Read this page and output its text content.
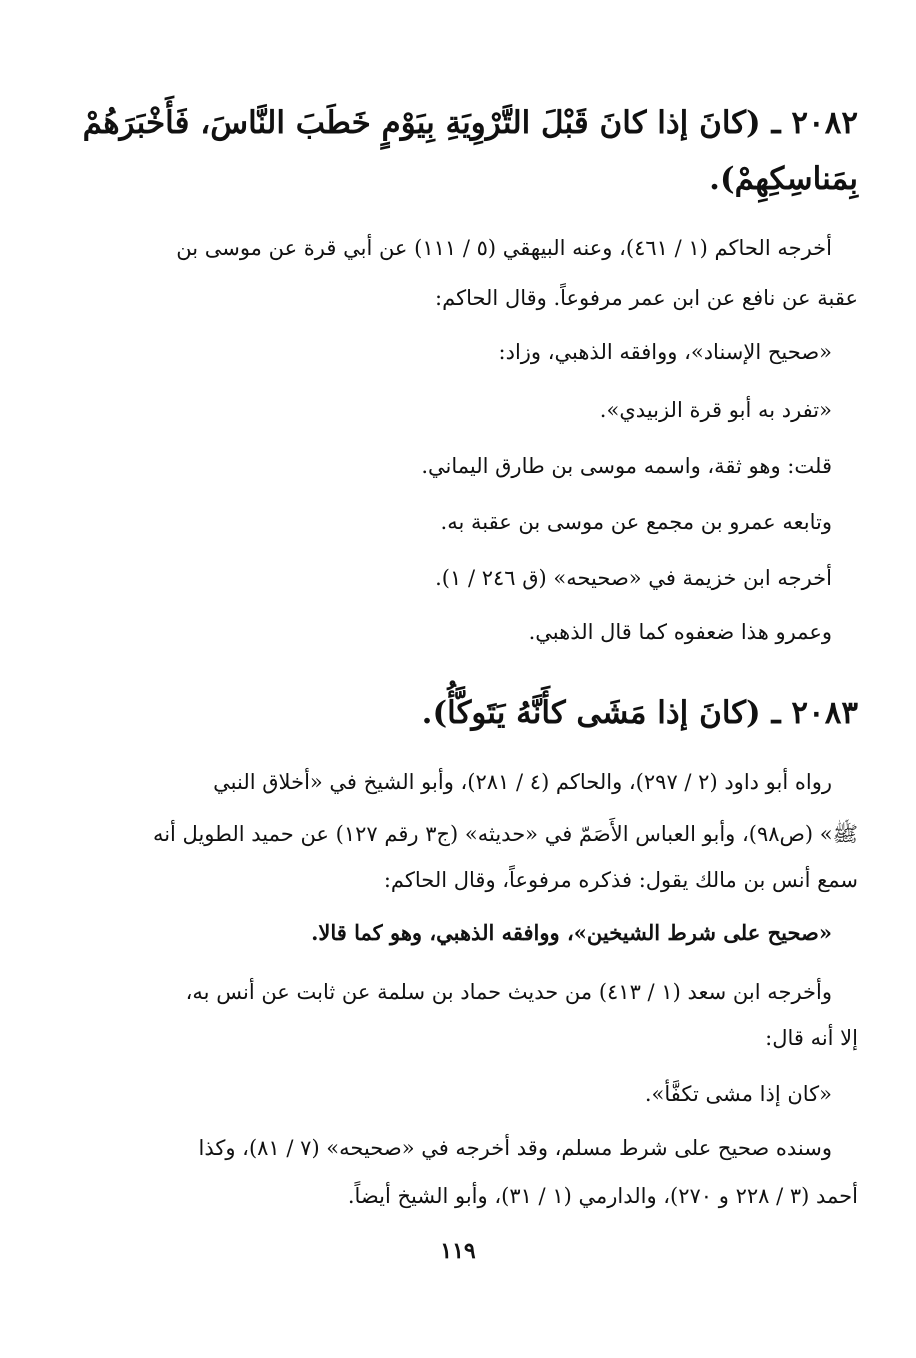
٢٠٨٢ ـ (كانَ إذا كانَ قَبْلَ التَّرْوِيَةِ بِيَوْمٍ خَطَبَ النَّاسَ، فَأَخْبَرَهُمْ
بِمَناسِكِهِمْ).
أخرجه الحاكم (١ / ٤٦١)، وعنه البيهقي (٥ / ١١١) عن أبي قرة عن موسى بن
عقبة عن نافع عن ابن عمر مرفوعاً. وقال الحاكم:
«صحيح الإسناد»، ووافقه الذهبي، وزاد:
«تفرد به أبو قرة الزبيدي».
قلت: وهو ثقة، واسمه موسى بن طارق اليماني.
وتابعه عمرو بن مجمع عن موسى بن عقبة به.
أخرجه ابن خزيمة في «صحيحه» (ق ٢٤٦ / ١).
وعمرو هذا ضعفوه كما قال الذهبي.
٢٠٨٣ ـ (كانَ إذا مَشَى كأَنَّهُ يَتَوكَّأُ).
رواه أبو داود (٢ / ٢٩٧)، والحاكم (٤ / ٢٨١)، وأبو الشيخ في «أخلاق النبي
ﷺ» (ص٩٨)، وأبو العباس الأَصَمّ في «حديثه» (ج٣ رقم ١٢٧) عن حميد الطويل أنه
سمع أنس بن مالك يقول: فذكره مرفوعاً، وقال الحاكم:
«صحيح على شرط الشيخين»، ووافقه الذهبي، وهو كما قالا.
وأخرجه ابن سعد (١ / ٤١٣) من حديث حماد بن سلمة عن ثابت عن أنس به،
إلا أنه قال:
«كان إذا مشى تكفَّأ».
وسنده صحيح على شرط مسلم، وقد أخرجه في «صحيحه» (٧ / ٨١)، وكذا
أحمد (٣ / ٢٢٨ و ٢٧٠)، والدارمي (١ / ٣١)، وأبو الشيخ أيضاً.
١١٩
